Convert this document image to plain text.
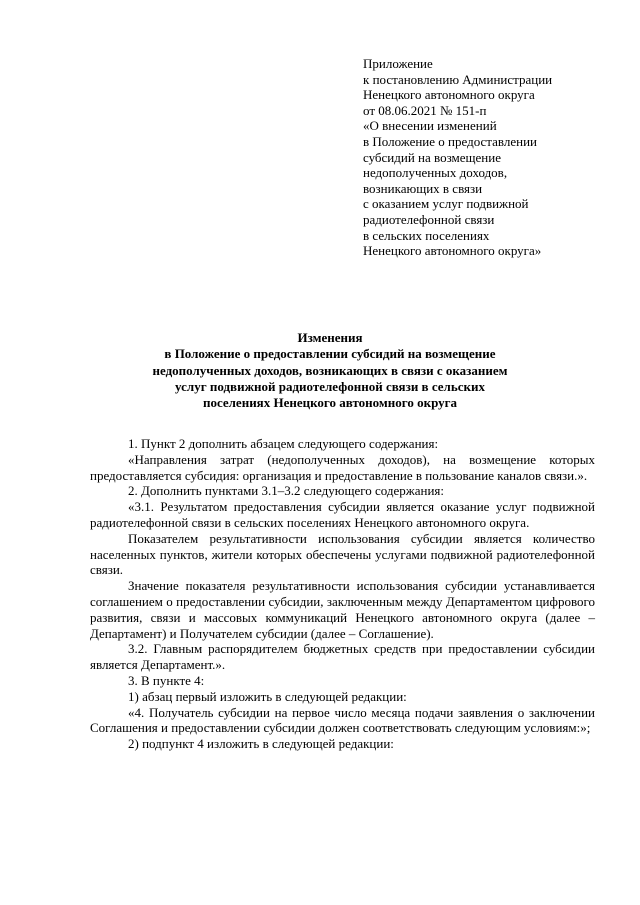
Приложение
к постановлению Администрации
Ненецкого автономного округа
от 08.06.2021 № 151-п
«О внесении изменений
в Положение о предоставлении
субсидий на возмещение
недополученных доходов,
возникающих в связи
с оказанием услуг подвижной
радиотелефонной связи
в сельских поселениях
Ненецкого автономного округа»
Изменения
в Положение о предоставлении субсидий на возмещение
недополученных доходов, возникающих в связи с оказанием
услуг подвижной радиотелефонной связи в сельских
поселениях Ненецкого автономного округа

1. Пункт 2 дополнить абзацем следующего содержания:

«Направления затрат (недополученных доходов), на возмещение которых предоставляется субсидия: организация и предоставление в пользование каналов связи.».

2. Дополнить пунктами 3.1–3.2 следующего содержания:

«3.1. Результатом предоставления субсидии является оказание услуг подвижной радиотелефонной связи в сельских поселениях Ненецкого автономного округа.

Показателем результативности использования субсидии является количество населенных пунктов, жители которых обеспечены услугами подвижной радиотелефонной связи.

Значение показателя результативности использования субсидии устанавливается соглашением о предоставлении субсидии, заключенным между Департаментом цифрового развития, связи и массовых коммуникаций Ненецкого автономного округа (далее – Департамент) и Получателем субсидии (далее – Соглашение).

3.2. Главным распорядителем бюджетных средств при предоставлении субсидии является Департамент.».

3. В пункте 4:

1) абзац первый изложить в следующей редакции:

«4. Получатель субсидии на первое число месяца подачи заявления о заключении Соглашения и предоставлении субсидии должен соответствовать следующим условиям:»;

2) подпункт 4 изложить в следующей редакции:
